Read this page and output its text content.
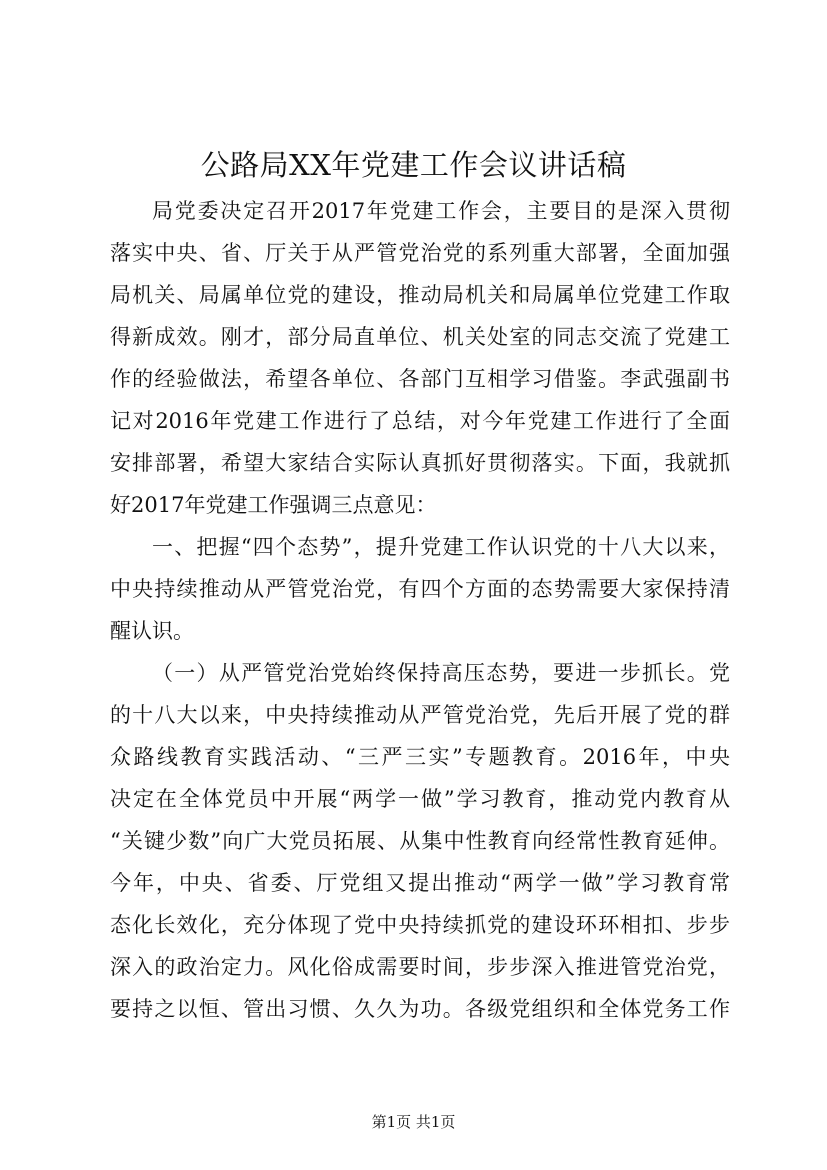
公路局XX年党建工作会议讲话稿
局党委决定召开2017年党建工作会，主要目的是深入贯彻
落实中央、省、厅关于从严管党治党的系列重大部署，全面加强
局机关、局属单位党的建设，推动局机关和局属单位党建工作取
得新成效。刚才，部分局直单位、机关处室的同志交流了党建工
作的经验做法，希望各单位、各部门互相学习借鉴。李武强副书
记对2016年党建工作进行了总结，对今年党建工作进行了全面
安排部署，希望大家结合实际认真抓好贯彻落实。下面，我就抓
好2017年党建工作强调三点意见：
一、把握“四个态势”，提升党建工作认识党的十八大以来，
中央持续推动从严管党治党，有四个方面的态势需要大家保持清
醒认识。
（一）从严管党治党始终保持高压态势，要进一步抓长。党
的十八大以来，中央持续推动从严管党治党，先后开展了党的群
众路线教育实践活动、“三严三实”专题教育。2016年，中央
决定在全体党员中开展“两学一做”学习教育，推动党内教育从
“关键少数”向广大党员拓展、从集中性教育向经常性教育延伸。
今年，中央、省委、厅党组又提出推动“两学一做”学习教育常
态化长效化，充分体现了党中央持续抓党的建设环环相扣、步步
深入的政治定力。风化俗成需要时间，步步深入推进管党治党，
要持之以恒、管出习惯、久久为功。各级党组织和全体党务工作
第1页 共1页
